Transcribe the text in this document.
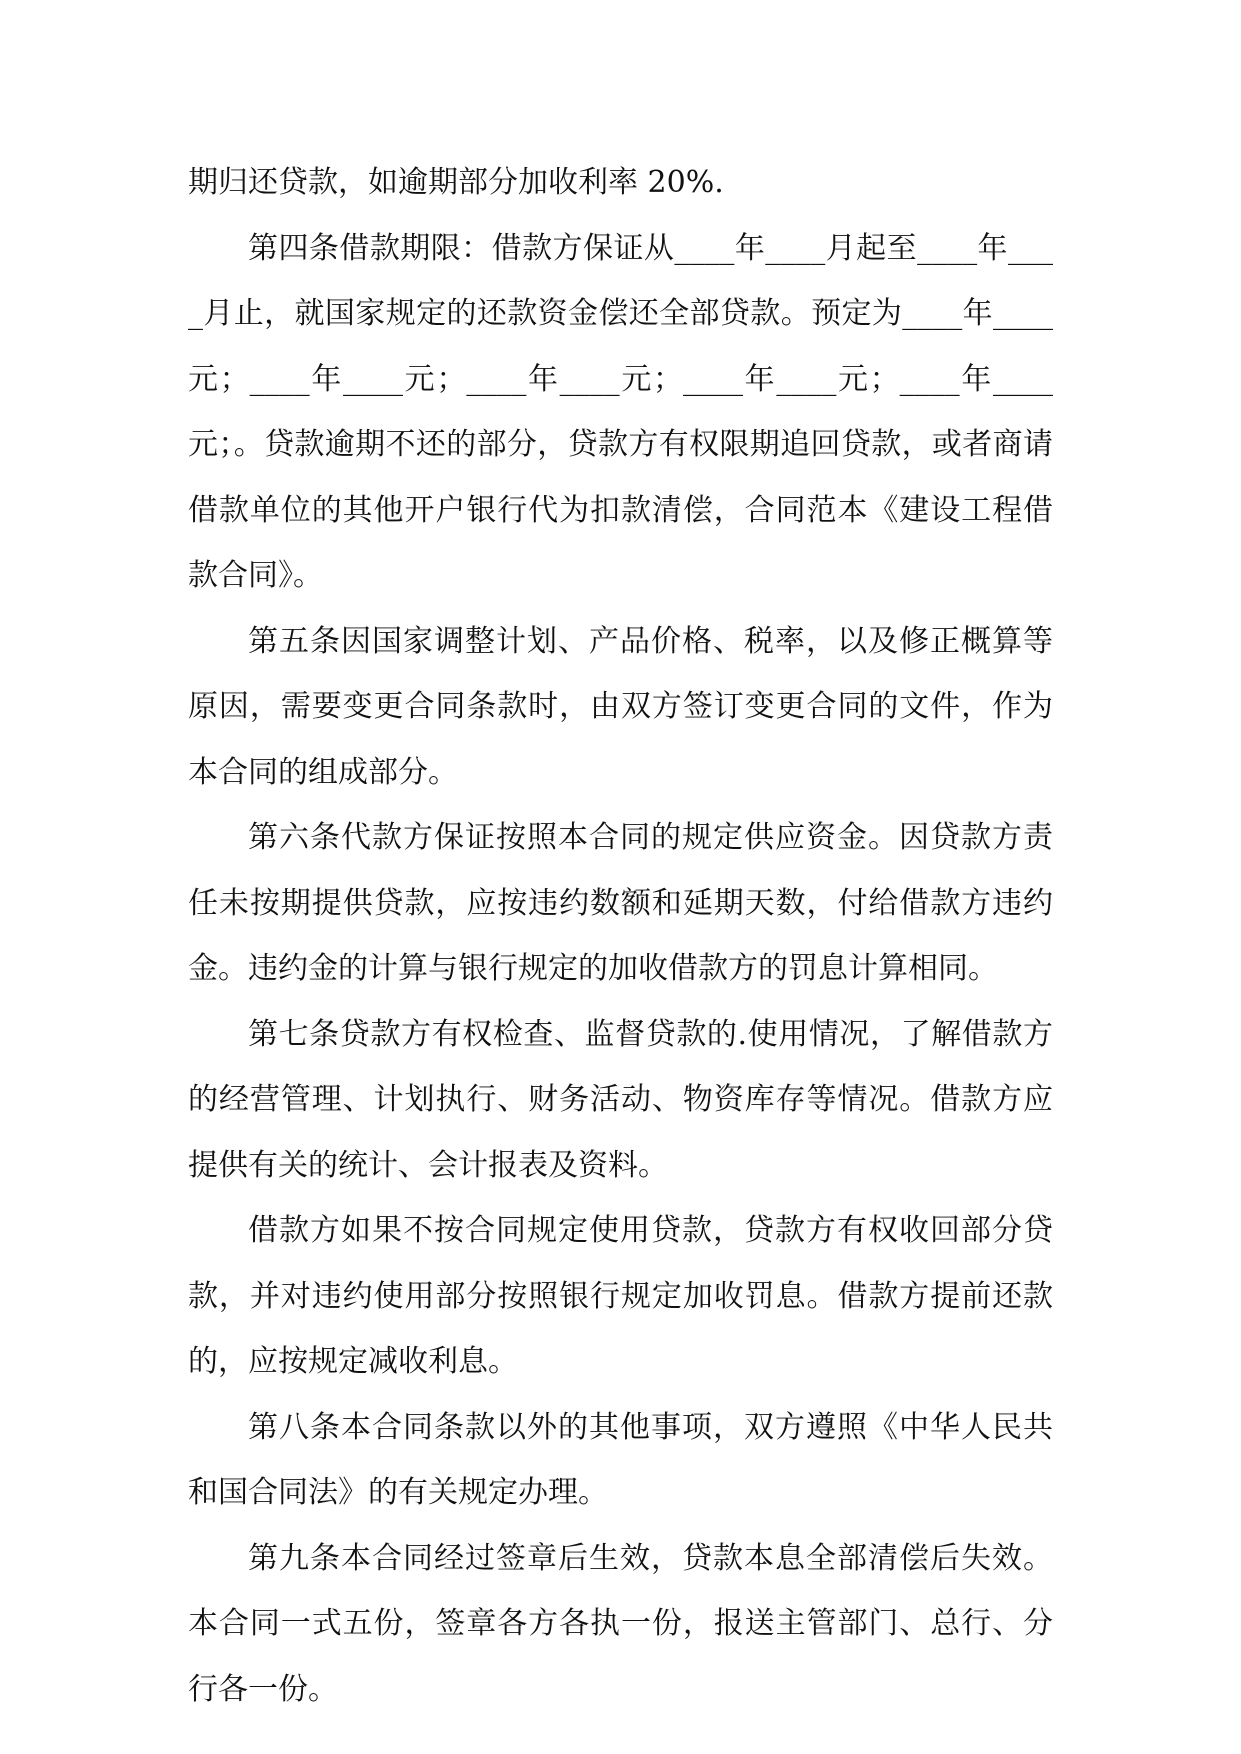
期归还贷款，如逾期部分加收利率 20%.

第四条借款期限：借款方保证从____年____月起至____年____月止，就国家规定的还款资金偿还全部贷款。预定为____年____元；____年____元；____年____元；____年____元；____年____元；。贷款逾期不还的部分，贷款方有权限期追回贷款，或者商请借款单位的其他开户银行代为扣款清偿，合同范本《建设工程借款合同》。

第五条因国家调整计划、产品价格、税率，以及修正概算等原因，需要变更合同条款时，由双方签订变更合同的文件，作为本合同的组成部分。

第六条代款方保证按照本合同的规定供应资金。因贷款方责任未按期提供贷款，应按违约数额和延期天数，付给借款方违约金。违约金的计算与银行规定的加收借款方的罚息计算相同。

第七条贷款方有权检查、监督贷款的.使用情况，了解借款方的经营管理、计划执行、财务活动、物资库存等情况。借款方应提供有关的统计、会计报表及资料。

借款方如果不按合同规定使用贷款，贷款方有权收回部分贷款，并对违约使用部分按照银行规定加收罚息。借款方提前还款的，应按规定减收利息。

第八条本合同条款以外的其他事项，双方遵照《中华人民共和国合同法》的有关规定办理。

第九条本合同经过签章后生效，贷款本息全部清偿后失效。本合同一式五份，签章各方各执一份，报送主管部门、总行、分行各一份。
